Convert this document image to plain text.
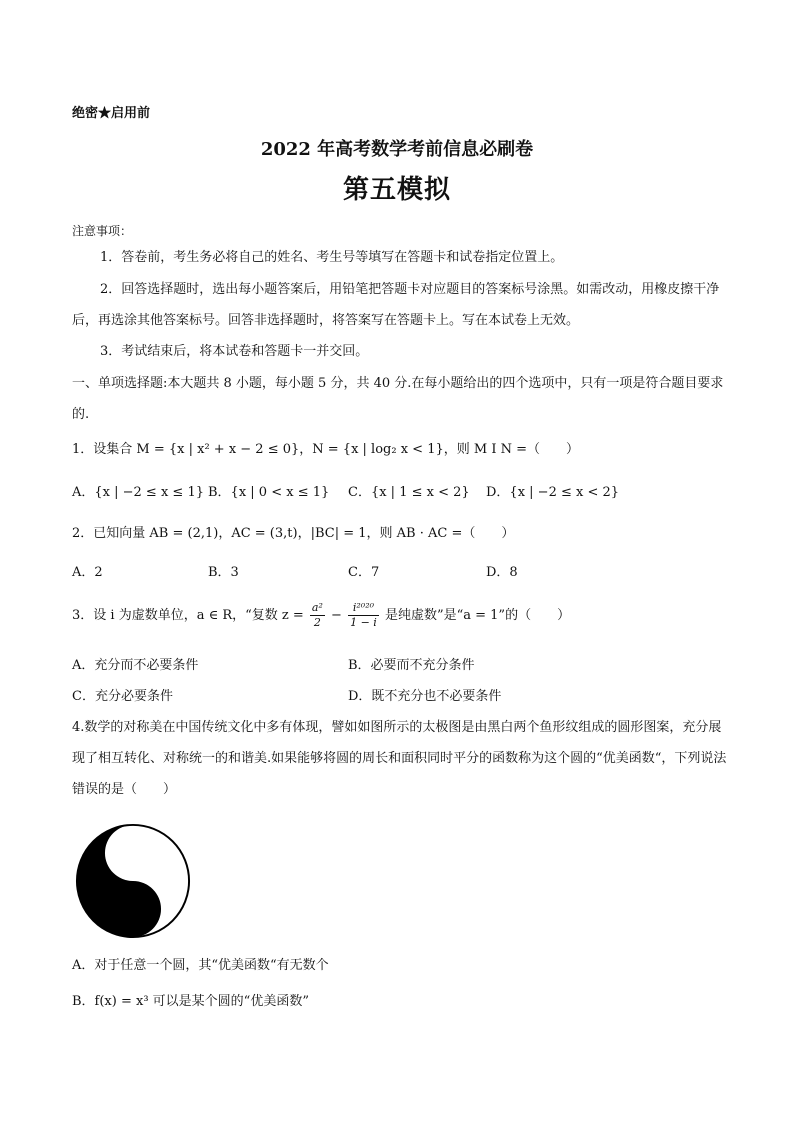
绝密★启用前
2022 年高考数学考前信息必刷卷
第五模拟
注意事项：
1．答卷前，考生务必将自己的姓名、考生号等填写在答题卡和试卷指定位置上。
2．回答选择题时，选出每小题答案后，用铅笔把答题卡对应题目的答案标号涂黑。如需改动，用橡皮擦干净后，再选涂其他答案标号。回答非选择题时，将答案写在答题卡上。写在本试卷上无效。
3．考试结束后，将本试卷和答题卡一并交回。
一、单项选择题:本大题共 8 小题，每小题 5 分，共 40 分.在每小题给出的四个选项中，只有一项是符合题目要求的.
1．设集合 M = {x | x² + x − 2 ≤ 0}，N = {x | log₂ x < 1}，则 M I N =（　　）
A．{x | −2 ≤ x ≤ 1} B．{x | 0 < x ≤ 1} C．{x | 1 ≤ x < 2} D．{x | −2 ≤ x < 2}
2．已知向量 AB = (2,1)，AC = (3,t)，|BC| = 1，则 AB · AC =（　　）
A．2	B．3	C．7	D．8
3．设 i 为虚数单位，a ∈ R，“复数 $z = \frac{\text{a²}}{2} - \frac{\text{i²⁰²⁰}}{1 - i}$ 是纯虚数”是“a = 1”的（　　）
A．充分而不必要条件	B．必要而不充分条件
C．充分必要条件	D．既不充分也不必要条件
4.数学的对称美在中国传统文化中多有体现，譬如如图所示的太极图是由黑白两个鱼形纹组成的圆形图案，充分展现了相互转化、对称统一的和谐美.如果能够将圆的周长和面积同时平分的函数称为这个圆的“优美函数“，下列说法错误的是（　　）
A．对于任意一个圆，其“优美函数“有无数个
B．f(x) = x³ 可以是某个圆的“优美函数”
